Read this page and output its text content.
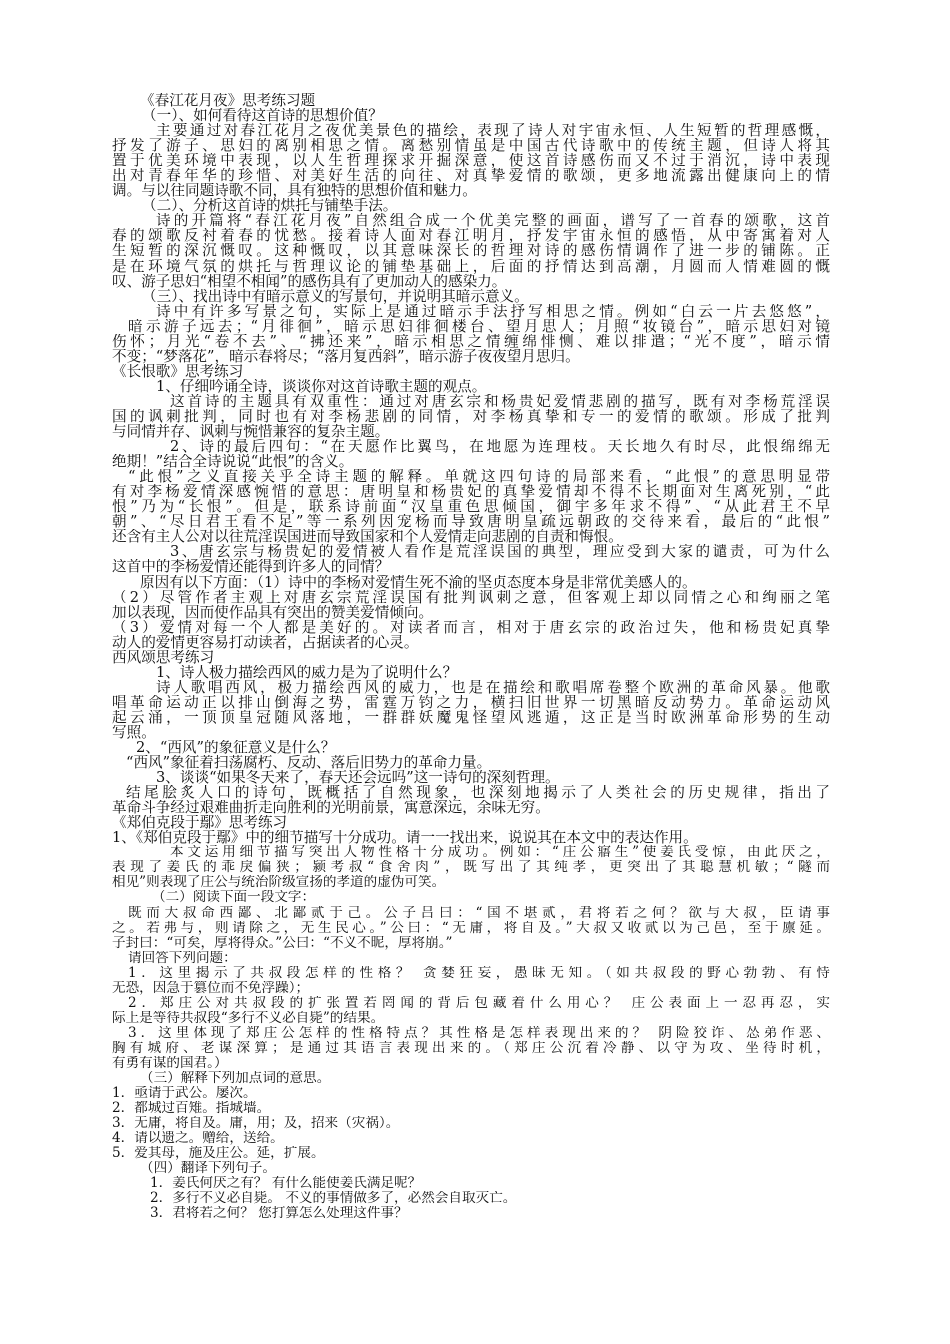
《春江花月夜》思考练习题
（一）、如何看待这首诗的思想价值？
主要通过对春江花月之夜优美景色的描绘，表现了诗人对宇宙永恒、人生短暂的哲理感慨，
抒发了游子、思妇的离别相思之情。离愁别情虽是中国古代诗歌中的传统主题，但诗人将其
置于优美环境中表现，以人生哲理探求开掘深意，使这首诗感伤而又不过于消沉，诗中表现
出对青春年华的珍惜、对美好生活的向往、对真挚爱情的歌颂，更多地流露出健康向上的情
调。与以往同题诗歌不同，具有独特的思想价值和魅力。
（二）、分析这首诗的烘托与铺垫手法。
诗的开篇将“春江花月夜”自然组合成一个优美完整的画面，谱写了一首春的颂歌，这首
春的颂歌反衬着春的忧愁。接着诗人面对春江明月，抒发宇宙永恒的感悟，从中寄寓着对人
生短暂的深沉慨叹。这种慨叹，以其意味深长的哲理对诗的感伤情调作了进一步的铺陈。正
是在环境气氛的烘托与哲理议论的铺垫基础上，后面的抒情达到高潮，月圆而人情难圆的慨
叹、游子思妇“相望不相闻”的感伤具有了更加动人的感染力。
（三）、找出诗中有暗示意义的写景句，并说明其暗示意义。
诗中有许多写景之句，实际上是通过暗示手法抒写相思之情。例如“白云一片去悠悠”，
暗示游子远去；“月徘徊”，暗示思妇徘徊楼台、望月思人；月照“妆镜台”，暗示思妇对镜
伤怀；月光“卷不去”、“拂还来”，暗示相思之情缠绵悱恻、难以排遣；“光不度”，暗示情
不变；“梦落花”，暗示春将尽；“落月复西斜”，暗示游子夜夜望月思归。
《长恨歌》思考练习
1、仔细吟诵全诗，谈谈你对这首诗歌主题的观点。
这首诗的主题具有双重性：通过对唐玄宗和杨贵妃爱情悲剧的描写，既有对李杨荒淫误
国的讽刺批判，同时也有对李杨悲剧的同情，对李杨真挚和专一的爱情的歌颂。形成了批判
与同情并存、讽刺与惋惜兼容的复杂主题。
2、诗的最后四句：“在天愿作比翼鸟，在地愿为连理枝。天长地久有时尽，此恨绵绵无
绝期！”结合全诗说说“此恨”的含义。
“此恨”之义直接关乎全诗主题的解释。单就这四句诗的局部来看，“此恨”的意思明显带
有对李杨爱情深感惋惜的意思：唐明皇和杨贵妃的真挚爱情却不得不长期面对生离死别，“此
恨”乃为“长恨”。但是，联系诗前面“汉皇重色思倾国，御宇多年求不得”、“从此君王不早
朝”、“尽日君王看不足”等一系列因宠杨而导致唐明皇疏远朝政的交待来看，最后的“此恨”
还含有主人公对以往荒淫误国进而导致国家和个人爱情走向悲剧的自责和悔恨。
3、唐玄宗与杨贵妃的爱情被人看作是荒淫误国的典型，理应受到大家的谴责，可为什么
这首中的李杨爱情还能得到许多人的同情？
原因有以下方面：（1）诗中的李杨对爱情生死不渝的坚贞态度本身是非常优美感人的。
（2）尽管作者主观上对唐玄宗荒淫误国有批判讽刺之意，但客观上却以同情之心和绚丽之笔
加以表现，因而使作品具有突出的赞美爱情倾向。
（3）爱情对每一个人都是美好的。对读者而言，相对于唐玄宗的政治过失，他和杨贵妃真挚
动人的爱情更容易打动读者，占据读者的心灵。
西风颂思考练习
1、诗人极力描绘西风的威力是为了说明什么？
诗人歌唱西风，极力描绘西风的威力，也是在描绘和歌唱席卷整个欧洲的革命风暴。他歌
唱革命运动正以排山倒海之势，雷霆万钧之力，横扫旧世界一切黑暗反动势力。革命运动风
起云涌，一顶顶皇冠随风落地，一群群妖魔鬼怪望风逃遁，这正是当时欧洲革命形势的生动
写照。
2、“西风”的象征意义是什么？
“西风”象征着扫荡腐朽、反动、落后旧势力的革命力量。
3、谈谈“如果冬天来了，春天还会远吗”这一诗句的深刻哲理。
结尾脍炙人口的诗句，既概括了自然现象，也深刻地揭示了人类社会的历史规律，指出了
革命斗争经过艰难曲折走向胜利的光明前景，寓意深远，余味无穷。
《郑伯克段于鄢》思考练习
1、《郑伯克段于鄢》中的细节描写十分成功。请一一找出来，说说其在本文中的表达作用。
本文运用细节描写突出人物性格十分成功。例如：“庄公寤生”使姜氏受惊，由此厌之，
表现了姜氏的乖戾偏狭；颍考叔“食舍肉”，既写出了其纯孝，更突出了其聪慧机敏；“隧而
相见”则表现了庄公与统治阶级宣扬的孝道的虚伪可笑。
（二）阅读下面一段文字：
既而大叔命西鄙、北鄙贰于己。公子吕曰：“国不堪贰，君将若之何？欲与大叔，臣请事
之。若弗与，则请除之，无生民心。”公曰：“无庸，将自及。”大叔又收贰以为己邑，至于廪延。
子封曰：“可矣，厚将得众。”公曰：“不义不昵，厚将崩。”
请回答下列问题：
1．这里揭示了共叔段怎样的性格？ 贪婪狂妄，愚昧无知。（如共叔段的野心勃勃、有恃
无恐，因急于篡位而不免浮躁）；
2．郑庄公对共叔段的扩张置若罔闻的背后包藏着什么用心？ 庄公表面上一忍再忍，实
际上是等待共叔段“多行不义必自毙”的结果。
3．这里体现了郑庄公怎样的性格特点？其性格是怎样表现出来的？ 阴险狡诈、怂弟作恶、
胸有城府、老谋深算；是通过其语言表现出来的。（郑庄公沉着冷静、以守为攻、坐待时机，
有勇有谋的国君。）
（三）解释下列加点词的意思。
1．亟请于武公。屡次。
2．都城过百雉。指城墙。
3．无庸，将自及。庸，用；及，招来（灾祸）。
4．请以遗之。赠给，送给。
5．爱其母，施及庄公。延，扩展。
（四）翻译下列句子。
1．姜氏何厌之有？ 有什么能使姜氏满足呢？
2．多行不义必自毙。 不义的事情做多了，必然会自取灭亡。
3．君将若之何？ 您打算怎么处理这件事？
